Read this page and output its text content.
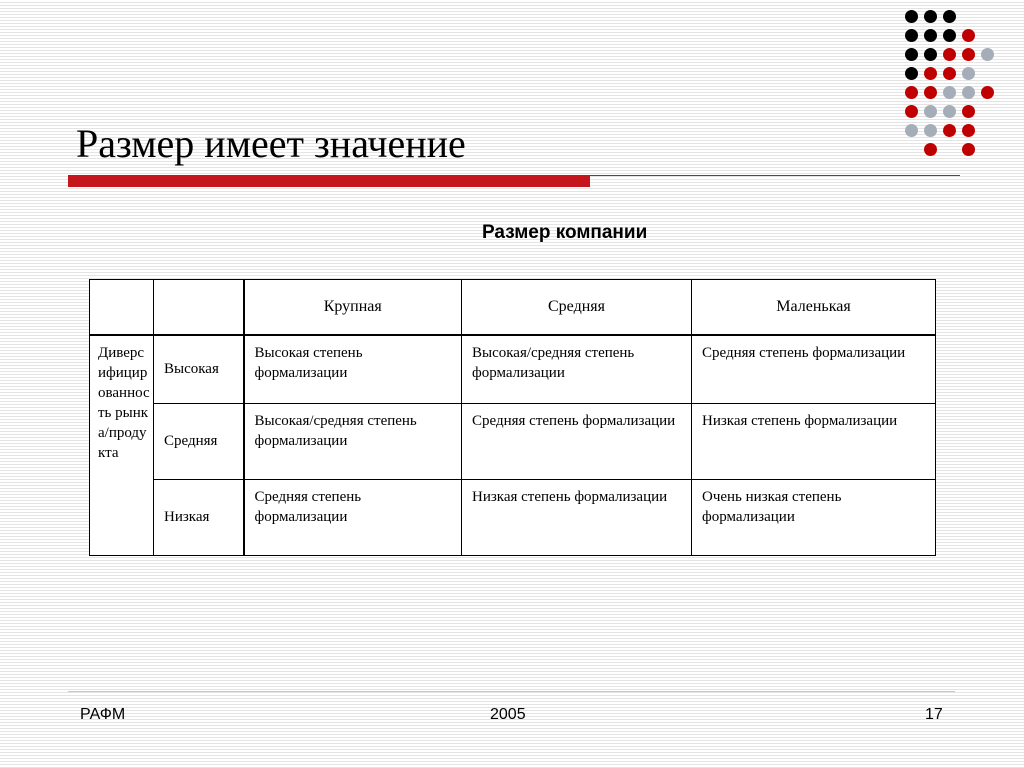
Размер имеет значение
Размер компании
		Крупная	Средняя	Маленькая
Диверсифицированность рынка/продукта	Высокая	Высокая степень формализации	Высокая/средняя степень формализации	Средняя степень формализации
	Средняя	Высокая/средняя степень формализации	Средняя степень формализации	Низкая степень формализации
	Низкая	Средняя степень формализации	Низкая степень формализации	Очень низкая степень формализации
РАФМ	2005	17
